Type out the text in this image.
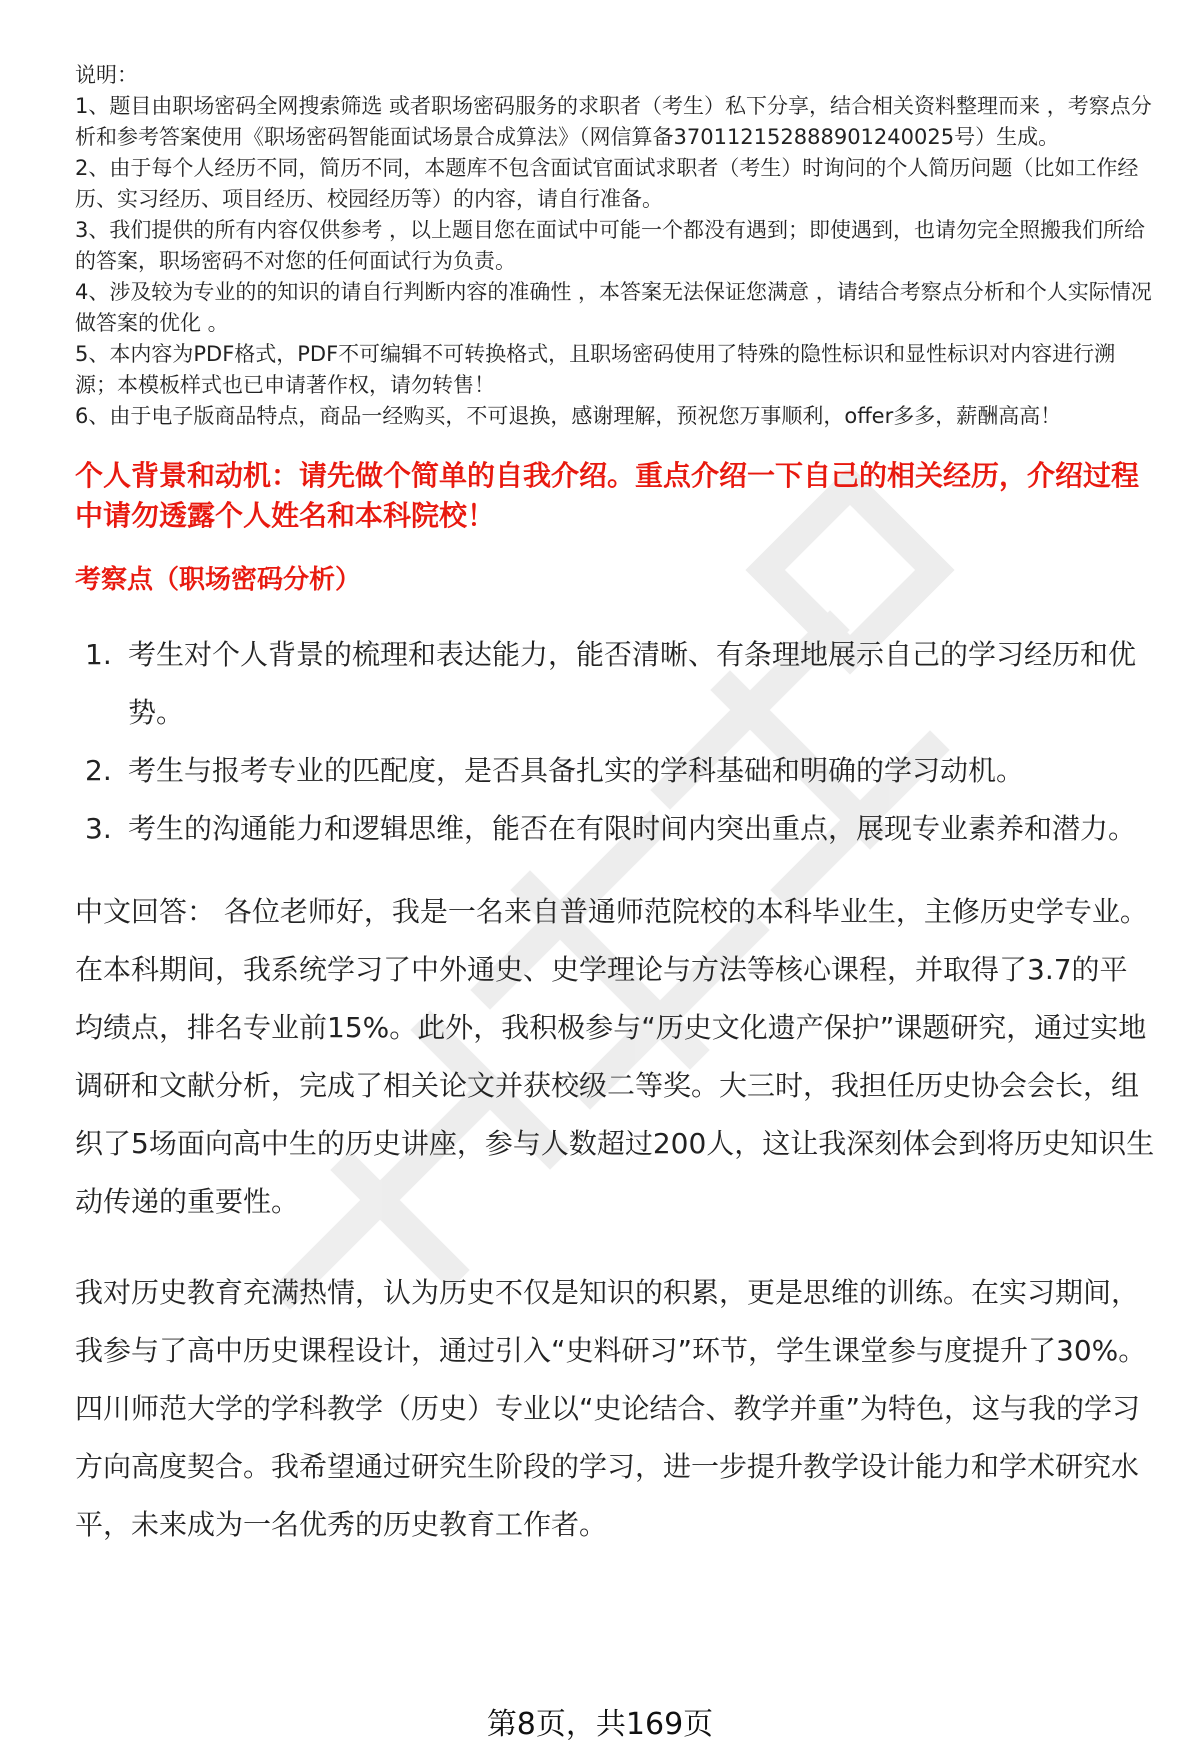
说明：

1、题目由职场密码全网搜索筛选 或者职场密码服务的求职者（考生）私下分享，结合相关资料整理而来 ，考察点分析和参考答案使用《职场密码智能面试场景合成算法》（网信算备370112152888901240025号）生成。

2、由于每个人经历不同，简历不同，本题库不包含面试官面试求职者（考生）时询问的个人简历问题（比如工作经历、实习经历、项目经历、校园经历等）的内容，请自行准备。

3、我们提供的所有内容仅供参考 ，以上题目您在面试中可能一个都没有遇到；即使遇到，也请勿完全照搬我们所给的答案，职场密码不对您的任何面试行为负责。

4、涉及较为专业的的知识的请自行判断内容的准确性 ，本答案无法保证您满意 ，请结合考察点分析和个人实际情况做答案的优化 。

5、本内容为PDF格式，PDF不可编辑不可转换格式，且职场密码使用了特殊的隐性标识和显性标识对内容进行溯源；本模板样式也已申请著作权，请勿转售！

6、由于电子版商品特点，商品一经购买，不可退换，感谢理解，预祝您万事顺利，offer多多，薪酬高高！

个人背景和动机：请先做个简单的自我介绍。重点介绍一下自己的相关经历，介绍过程中请勿透露个人姓名和本科院校！
考察点（职场密码分析）
1. 考生对个人背景的梳理和表达能力，能否清晰、有条理地展示自己的学习经历和优势。
2. 考生与报考专业的匹配度，是否具备扎实的学科基础和明确的学习动机。
3. 考生的沟通能力和逻辑思维，能否在有限时间内突出重点，展现专业素养和潜力。

中文回答： 各位老师好，我是一名来自普通师范院校的本科毕业生，主修历史学专业。在本科期间，我系统学习了中外通史、史学理论与方法等核心课程，并取得了3.7的平均绩点，排名专业前15%。此外，我积极参与“历史文化遗产保护”课题研究，通过实地调研和文献分析，完成了相关论文并获校级二等奖。大三时，我担任历史协会会长，组织了5场面向高中生的历史讲座，参与人数超过200人，这让我深刻体会到将历史知识生动传递的重要性。

我对历史教育充满热情，认为历史不仅是知识的积累，更是思维的训练。在实习期间，我参与了高中历史课程设计，通过引入“史料研习”环节，学生课堂参与度提升了30%。四川师范大学的学科教学（历史）专业以“史论结合、教学并重”为特色，这与我的学习方向高度契合。我希望通过研究生阶段的学习，进一步提升教学设计能力和学术研究水平，未来成为一名优秀的历史教育工作者。

第8页，共169页
